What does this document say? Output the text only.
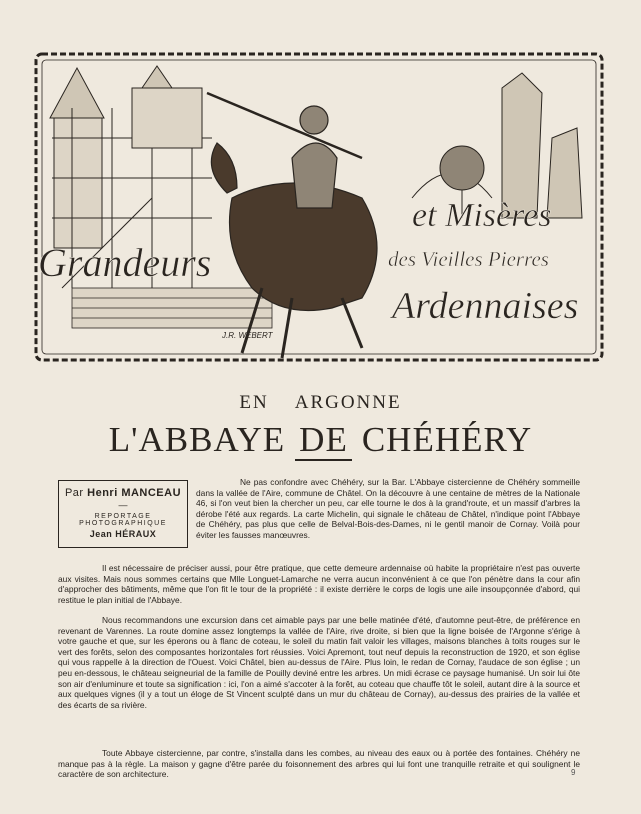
et Misères
Grandeurs	des Vieilles Pierres
Ardennaises
J.R. WEBERT
EN ARGONNE
L'ABBAYE DE CHÉHÉRY
Par Henri MANCEAU
—
REPORTAGE PHOTOGRAPHIQUE
Jean HÉRAUX

Ne pas confondre avec Chéhéry, sur la Bar. L'Abbaye cistercienne de Chéhéry sommeille dans la vallée de l'Aire, commune de Châtel. On la découvre à une centaine de mètres de la Nationale 46, si l'on veut bien la chercher un peu, car elle tourne le dos à la grand'route, et un massif d'arbres la dérobe l'été aux regards. La carte Michelin, qui signale le château de Châtel, n'indique point l'Abbaye de Chéhéry, pas plus que celle de Belval-Bois-des-Dames, ni le gentil manoir de Cornay. Voilà pour éviter les fausses manœuvres.

Il est nécessaire de préciser aussi, pour être pratique, que cette demeure ardennaise où habite la propriétaire n'est pas ouverte aux visites. Mais nous sommes certains que Mlle Longuet-Lamarche ne verra aucun inconvénient à ce que l'on pénètre dans la cour afin d'approcher des bâtiments, même que l'on fit le tour de la propriété : il existe derrière le corps de logis une aile insoupçonnée d'abord, qui restitue le plan initial de l'Abbaye.

Nous recommandons une excursion dans cet aimable pays par une belle matinée d'été, d'automne peut-être, de préférence en revenant de Varennes. La route domine assez longtemps la vallée de l'Aire, rive droite, si bien que la ligne boisée de l'Argonne s'érige à votre gauche et que, sur les éperons ou à flanc de coteau, le soleil du matin fait valoir les villages, maisons blanches à toits rouges sur le vert des forêts, selon des composantes horizontales fort réussies. Voici Apremont, tout neuf depuis la reconstruction de 1920, et son église qui vous rappelle à la direction de l'Ouest. Voici Châtel, bien au-dessus de l'Aire. Plus loin, le redan de Cornay, l'audace de son église ; un peu en-dessous, le château seigneurial de la famille de Pouilly deviné entre les arbres. Un midi écrase ce paysage humanisé. Un soir lui ôte son air d'enluminure et toute sa signification : ici, l'on a aimé s'accoter à la forêt, au coteau que chauffe tôt le soleil, autant dire à la source et aux quelques vignes (il y a tout un éloge de St Vincent sculpté dans un mur du château de Cornay), au-dessus des prairies de la vallée et des écarts de sa rivière.

Toute Abbaye cistercienne, par contre, s'installa dans les combes, au niveau des eaux ou à portée des fontaines. Chéhéry ne manque pas à la règle. La maison y gagne d'être parée du foisonnement des arbres qui lui font une tranquille retraite et qui soulignent le caractère de son architecture.	9
